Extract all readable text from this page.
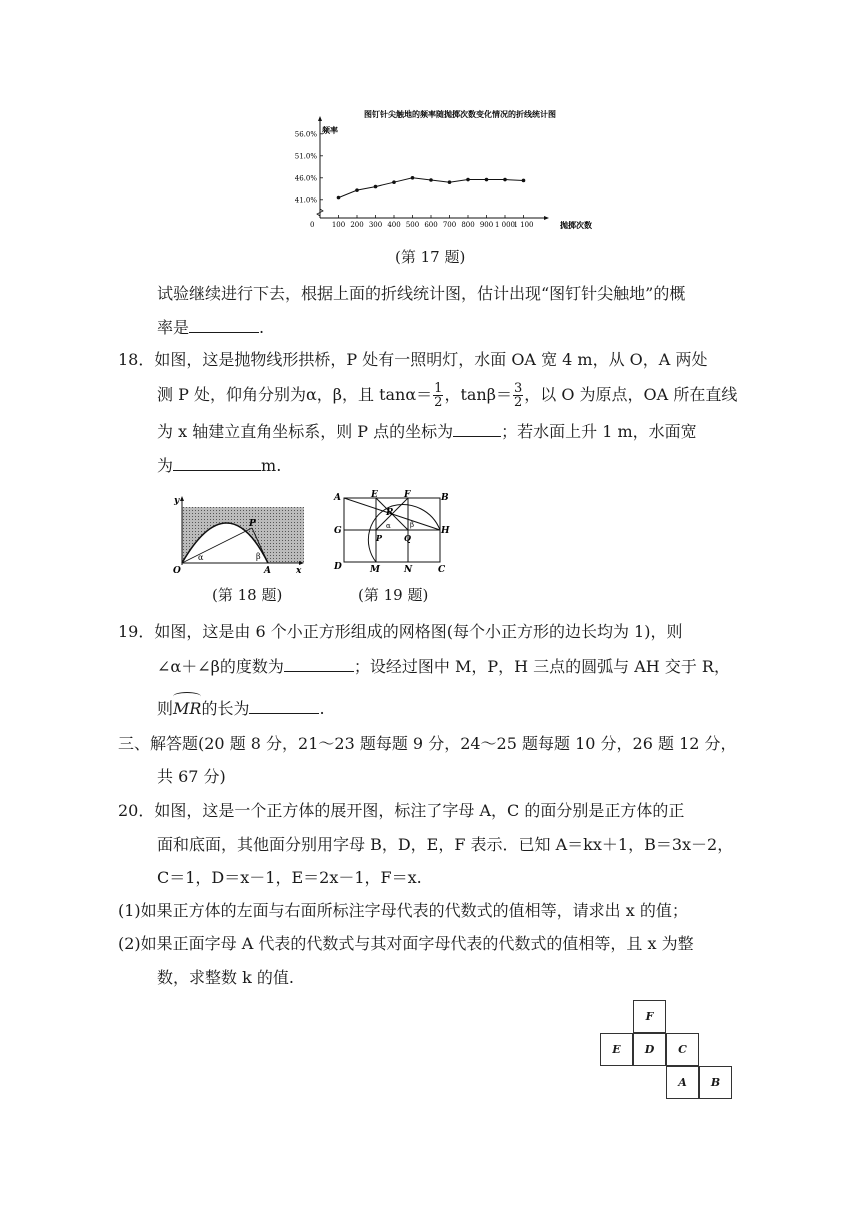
图钉针尖触地的频率随抛掷次数变化情况的折线统计图
频率
抛掷次数
0
41.0%
46.0%
51.0%
56.0%
100 200 300 400 500 600 700 800 900 1 000
1 100
(第 17 题)
试验继续进行下去，根据上面的折线统计图，估计出现“图钉针尖触地”的概
率是	.
18．如图，这是抛物线形拱桥，P 处有一照明灯，水面 OA 宽 4 m，从 O，A 两处
测 P 处，仰角分别为α，β，且 $\tan\alpha= \frac{1}{2}$ ，$\tan\beta= \frac{3}{2}$ ，以 O 为原点，OA 所在直线
为 x 轴建立直角坐标系，则 P 点的坐标为	；若水面上升 1 m，水面宽
为	m.
y
x
O	A
P
α	β
(第 18 题)
A	E	F	B
R
G	H
P	Q
D	M	N	C
α	β
(第 19 题)
19．如图，这是由 6 个小正方形组成的网格图(每个小正方形的边长均为 1)，则
∠α＋∠β的度数为	；设经过图中 M，P，H 三点的圆弧与 AH 交于 R，
则
MR的长为	.
三、解答题(20 题 8 分，21～23 题每题 9 分，24～25 题每题 10 分，26 题 12 分，
共 67 分)
20．如图，这是一个正方体的展开图，标注了字母 A，C 的面分别是正方体的正
面和底面，其他面分别用字母 B，D，E，F 表示．已知 A＝kx＋1，B＝3x－2，
C＝1，D＝x－1，E＝2x－1，F＝x.
(1)如果正方体的左面与右面所标注字母代表的代数式的值相等，请求出 x 的值；
(2)如果正面字母 A 代表的代数式与其对面字母代表的代数式的值相等，且 x 为整
数，求整数 k 的值.
F
E	D	C
A	B
